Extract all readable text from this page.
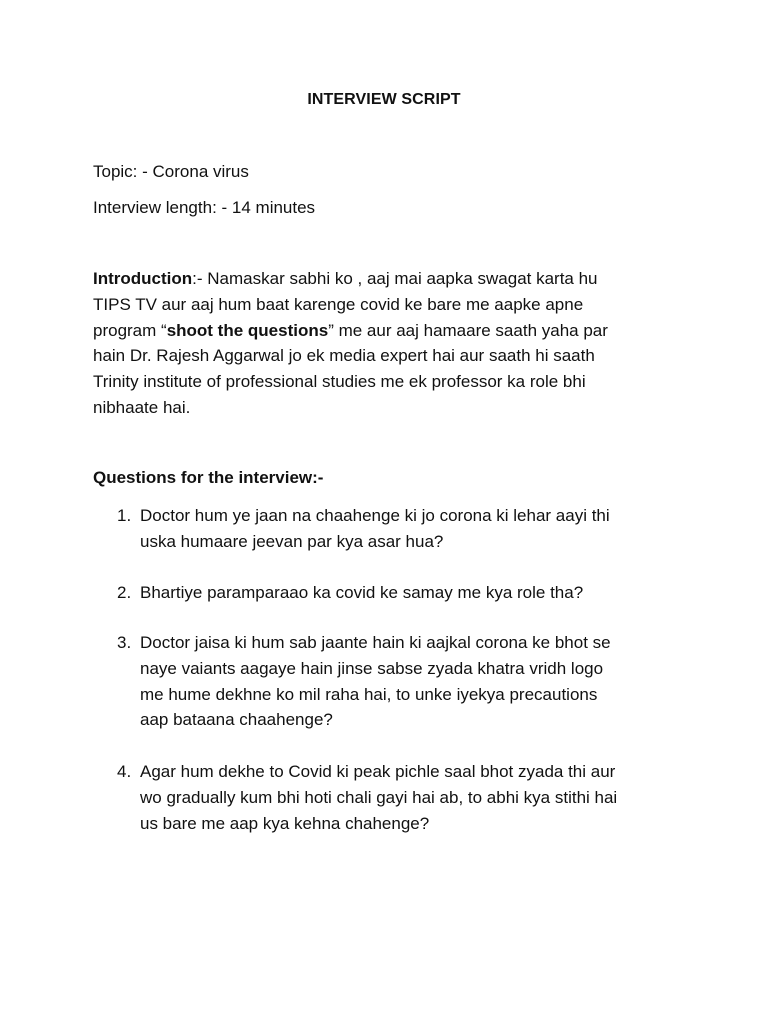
INTERVIEW SCRIPT
Topic: - Corona virus
Interview length: - 14 minutes
Introduction:- Namaskar sabhi ko , aaj mai aapka swagat karta hu
TIPS TV aur aaj hum baat karenge covid ke bare me aapke apne
program “shoot the questions” me aur aaj hamaare saath yaha par
hain Dr. Rajesh Aggarwal jo ek media expert hai aur saath hi saath
Trinity institute of professional studies me ek professor ka role bhi
nibhaate hai.
Questions for the interview:-
1. Doctor hum ye jaan na chaahenge ki jo corona ki lehar aayi thi
uska humaare jeevan par kya asar hua?
2. Bhartiye paramparaao ka covid ke samay me kya role tha?
3. Doctor jaisa ki hum sab jaante hain ki aajkal corona ke bhot se
naye vaiants aagaye hain jinse sabse zyada khatra vridh logo
me hume dekhne ko mil raha hai, to unke iyekya precautions
aap bataana chaahenge?
4. Agar hum dekhe to Covid ki peak pichle saal bhot zyada thi aur
wo gradually kum bhi hoti chali gayi hai ab, to abhi kya stithi hai
us bare me aap kya kehna chahenge?
